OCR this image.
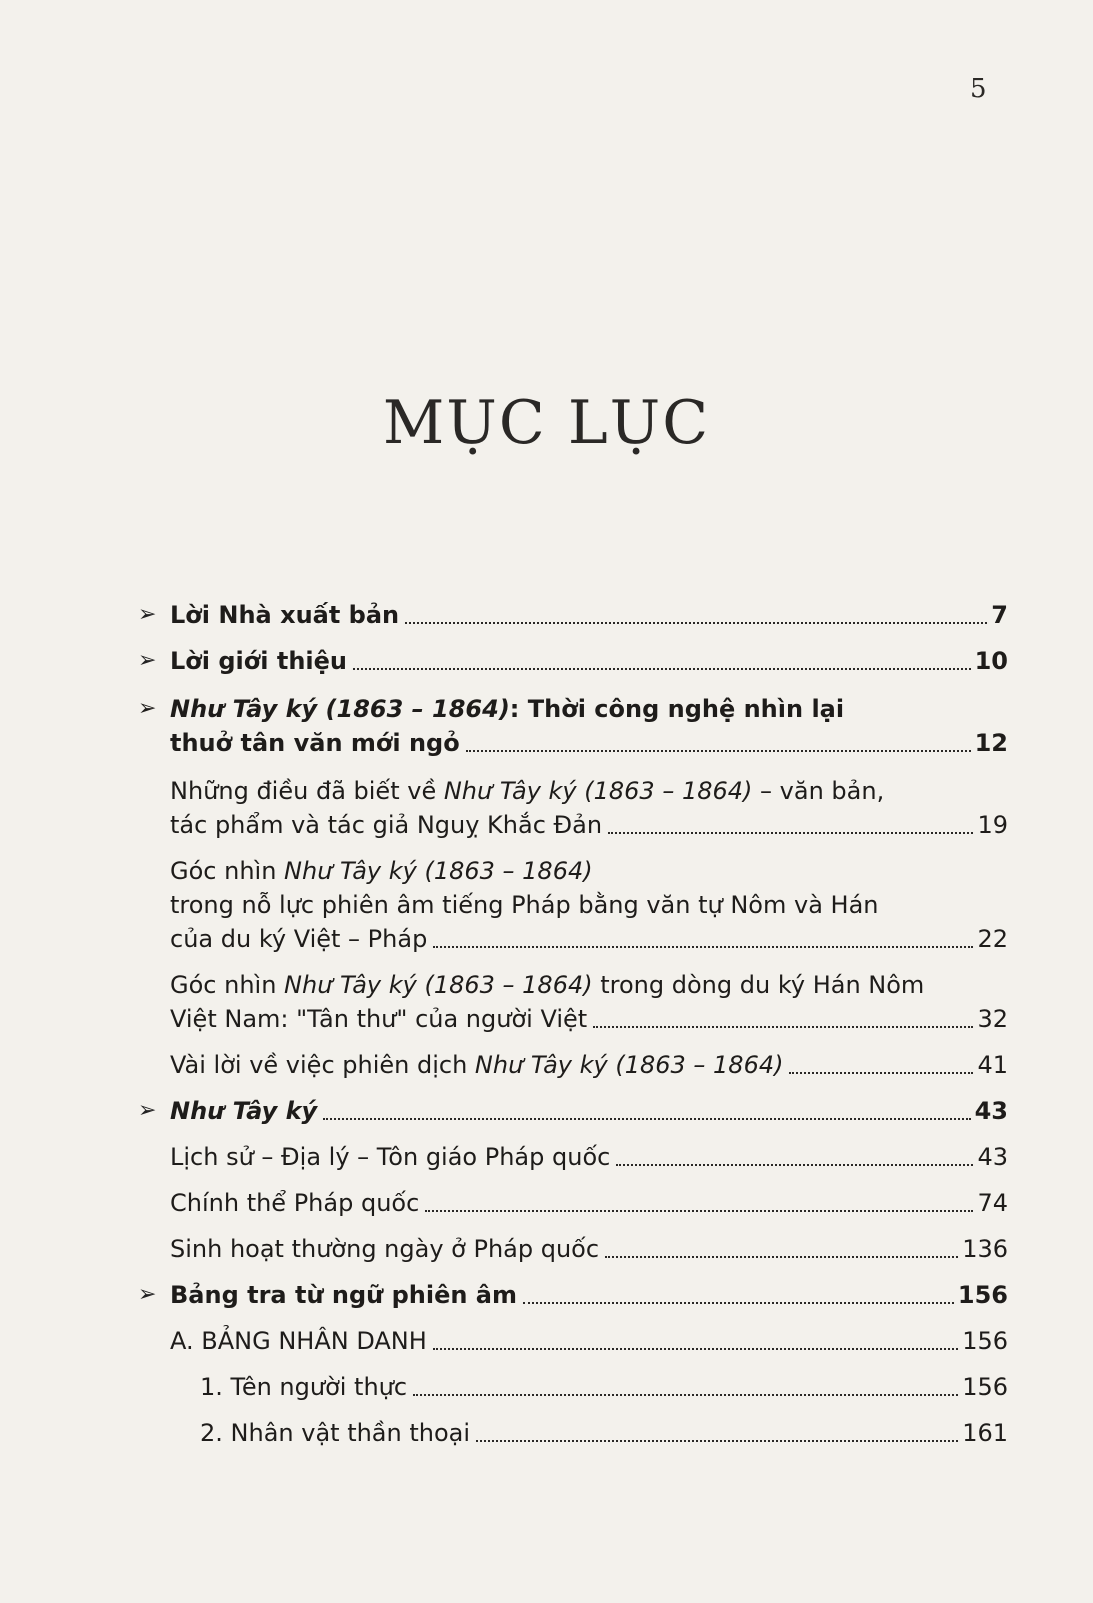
5
MỤC LỤC
➢ Lời Nhà xuất bản	7
➢ Lời giới thiệu	10
➢ Như Tây ký (1863 – 1864): Thời công nghệ nhìn lại
thuở tân văn mới ngỏ	12
Những điều đã biết về Như Tây ký (1863 – 1864) – văn bản,
tác phẩm và tác giả Nguỵ Khắc Đản	19
Góc nhìn Như Tây ký (1863 – 1864)
trong nỗ lực phiên âm tiếng Pháp bằng văn tự Nôm và Hán
của du ký Việt – Pháp	22
Góc nhìn Như Tây ký (1863 – 1864) trong dòng du ký Hán Nôm
Việt Nam: "Tân thư" của người Việt	32
Vài lời về việc phiên dịch Như Tây ký (1863 – 1864)	41
➢ Như Tây ký	43
Lịch sử – Địa lý – Tôn giáo Pháp quốc	43
Chính thể Pháp quốc	74
Sinh hoạt thường ngày ở Pháp quốc	136
➢ Bảng tra từ ngữ phiên âm	156
A. BẢNG NHÂN DANH	156
1. Tên người thực	156
2. Nhân vật thần thoại	161
